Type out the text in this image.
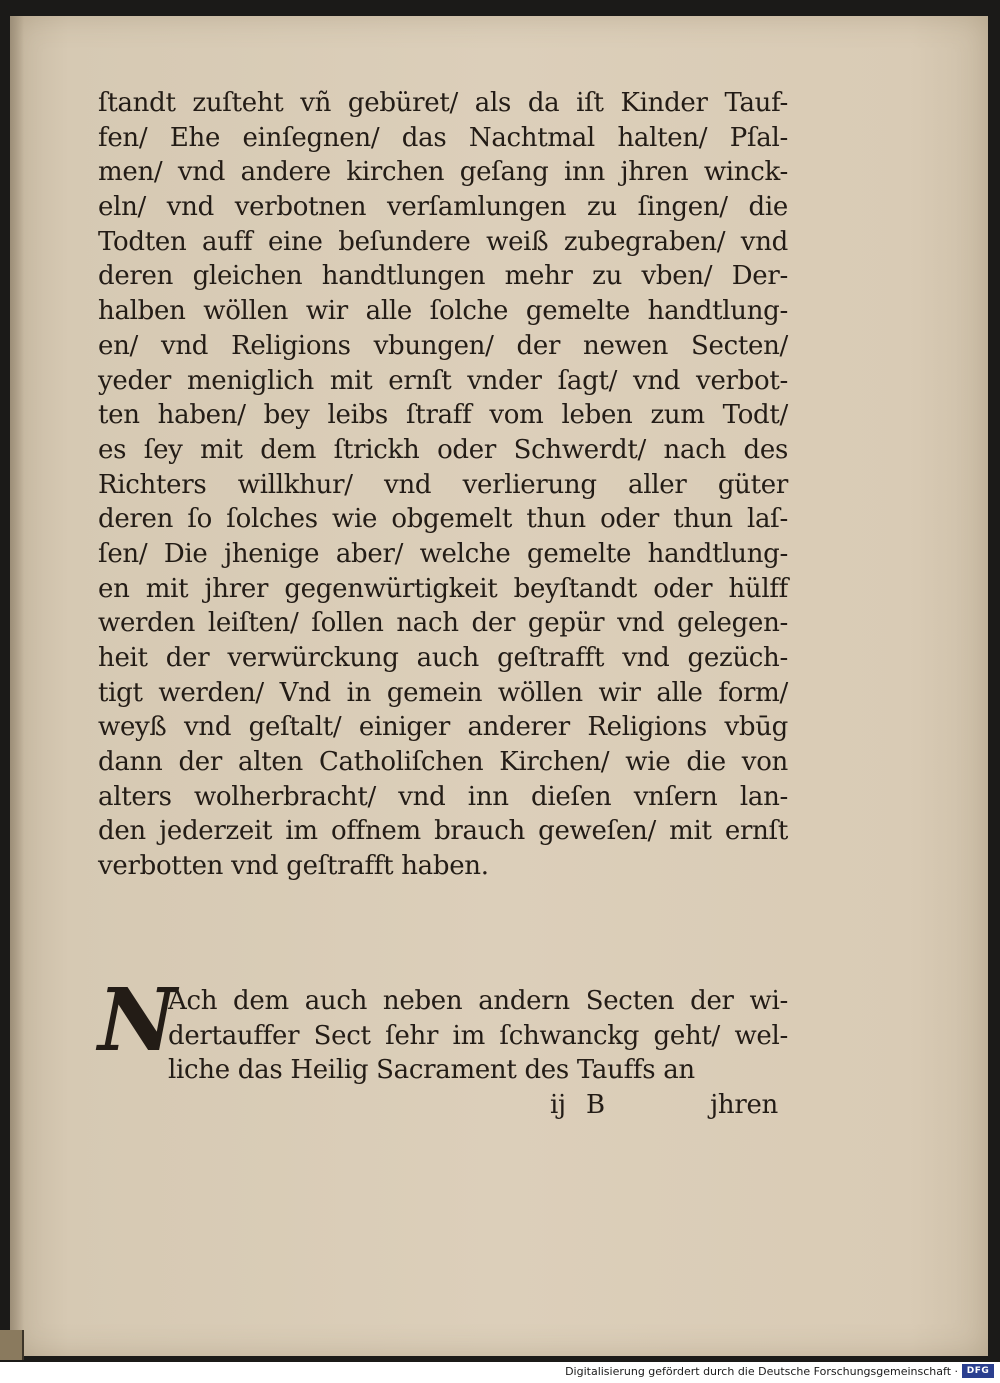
ſtandt zuſteht vñ gebüret/ als da iſt Kinder Tauf-
fen/ Ehe einſegnen/ das Nachtmal halten/ Pſal-
men/ vnd andere kirchen geſang inn jhren winck-
eln/ vnd verbotnen verſamlungen zu ſingen/ die
Todten auff eine beſundere weiß zubegraben/ vnd
deren gleichen handtlungen mehr zu vben/ Der-
halben wöllen wir alle ſolche gemelte handtlung-
en/ vnd Religions vbungen/ der newen Secten/
yeder meniglich mit ernſt vnder ſagt/ vnd verbot-
ten haben/ bey leibs ſtraff vom leben zum Todt/
es ſey mit dem ſtrickh oder Schwerdt/ nach des
Richters willkhur/ vnd verlierung aller güter
deren ſo ſolches wie obgemelt thun oder thun laſ-
ſen/ Die jhenige aber/ welche gemelte handtlung-
en mit jhrer gegenwürtigkeit beyſtandt oder hülff
werden leiſten/ ſollen nach der gepür vnd gelegen-
heit der verwürckung auch geſtrafft vnd gezüch-
tigt werden/ Vnd in gemein wöllen wir alle form/
weyß vnd geſtalt/ einiger anderer Religions vbūg
dann der alten Catholiſchen Kirchen/ wie die von
alters wolherbracht/ vnd inn dieſen vnſern lan-
den jederzeit im offnem brauch geweſen/ mit ernſt
verbotten vnd geſtrafft haben.
N
Ach dem auch neben andern Secten der wi-
dertauffer Sect ſehr im ſchwanckg geht/ wel-
liche das Heilig Sacrament des Tauffs an
ij B	jhren
Digitalisierung gefördert durch die Deutsche Forschungsgemeinschaft · DFG
